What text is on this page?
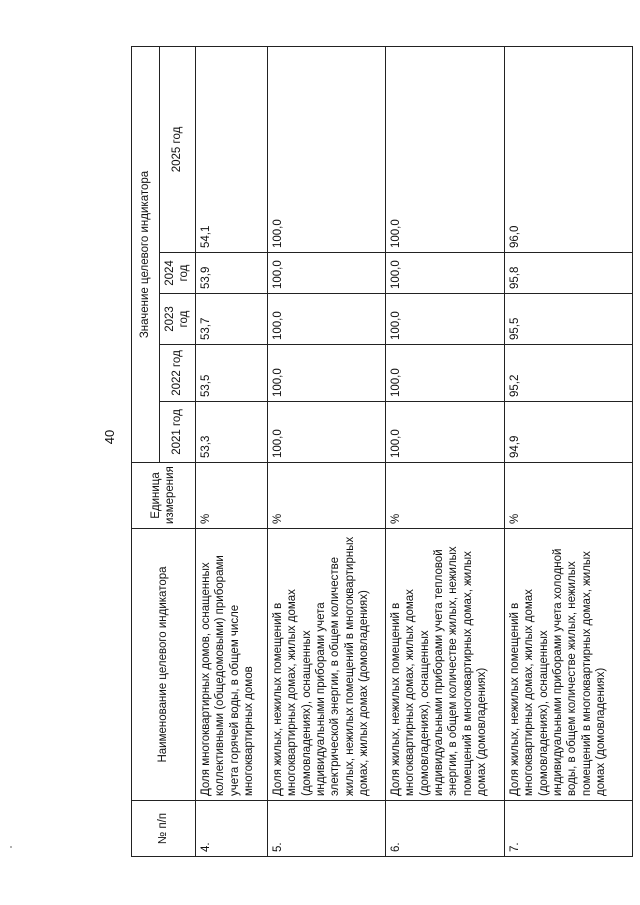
40
№ п/п	Наименование целевого индикатора	Единица измерения	Значение целевого индикатора				
			2021 год	2022 год	2023 год	2024 год	2025 год
4.	Доля многоквартирных домов, оснащенных коллективными (общедомовыми) приборами учета горячей воды, в общем числе многоквартирных домов	%	53,3	53,5	53,7	53,9	54,1
5.	Доля жилых, нежилых помещений в многоквартирных домах, жилых домах (домовладениях), оснащенных индивидуальными приборами учета электрической энергии, в общем количестве жилых, нежилых помещений в многоквартирных домах, жилых домах (домовладениях)	%	100,0	100,0	100,0	100,0	100,0
6.	Доля жилых, нежилых помещений в многоквартирных домах, жилых домах (домовладениях), оснащенных индивидуальными приборами учета тепловой энергии, в общем количестве жилых, нежилых помещений в многоквартирных домах, жилых домах (домовладениях)	%	100,0	100,0	100,0	100,0	100,0
7.	Доля жилых, нежилых помещений в многоквартирных домах, жилых домах (домовладениях), оснащенных индивидуальными приборами учета холодной воды, в общем количестве жилых, нежилых помещений в многоквартирных домах, жилых домах (домовладениях)	%	94,9	95,2	95,5	95,8	96,0
